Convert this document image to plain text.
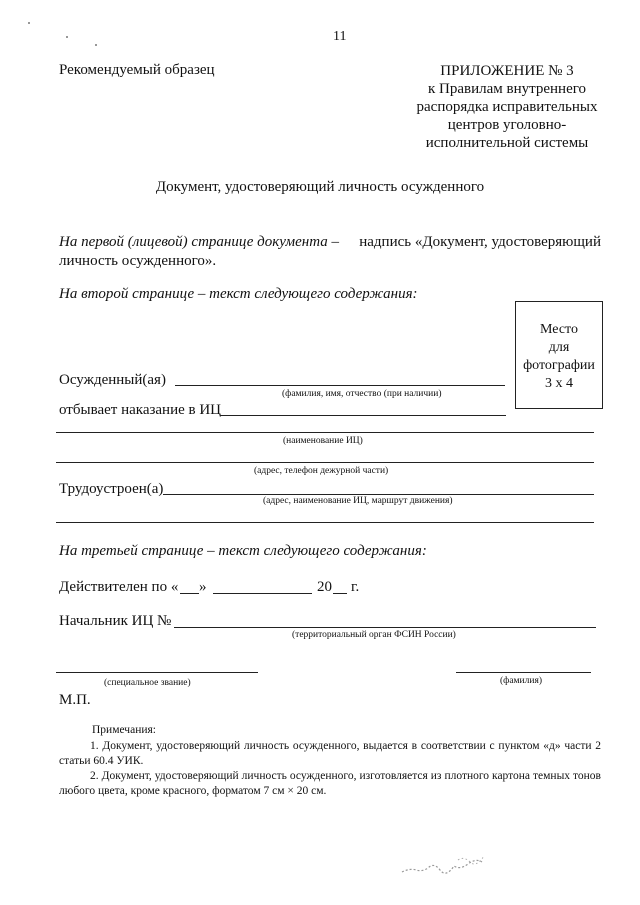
11
Рекомендуемый образец	ПРИЛОЖЕНИЕ № 3
к Правилам внутреннего
распорядка исправительных
центров уголовно-
исполнительной системы
Документ, удостоверяющий личность осужденного
На первой (лицевой) странице документа – надпись «Документ, удостоверяющий
личность осужденного».
На второй странице – текст следующего содержания:
Место
для
фотографии
3 х 4
Осужденный(ая)
(фамилия, имя, отчество (при наличии)
отбывает наказание в ИЦ
(наименование ИЦ)
(адрес, телефон дежурной части)
Трудоустроен(а)
(адрес, наименование ИЦ, маршрут движения)
На третьей странице – текст следующего содержания:
Действителен по « »	20 г.
Начальник ИЦ №
(территориальный орган ФСИН России)
(специальное звание)	(фамилия)
М.П.
Примечания:

1. Документ, удостоверяющий личность осужденного, выдается в соответствии с пунктом «д» части 2 статьи 60.4 УИК.

2. Документ, удостоверяющий личность осужденного, изготовляется из плотного картона темных тонов любого цвета, кроме красного, форматом 7 см × 20 см.
